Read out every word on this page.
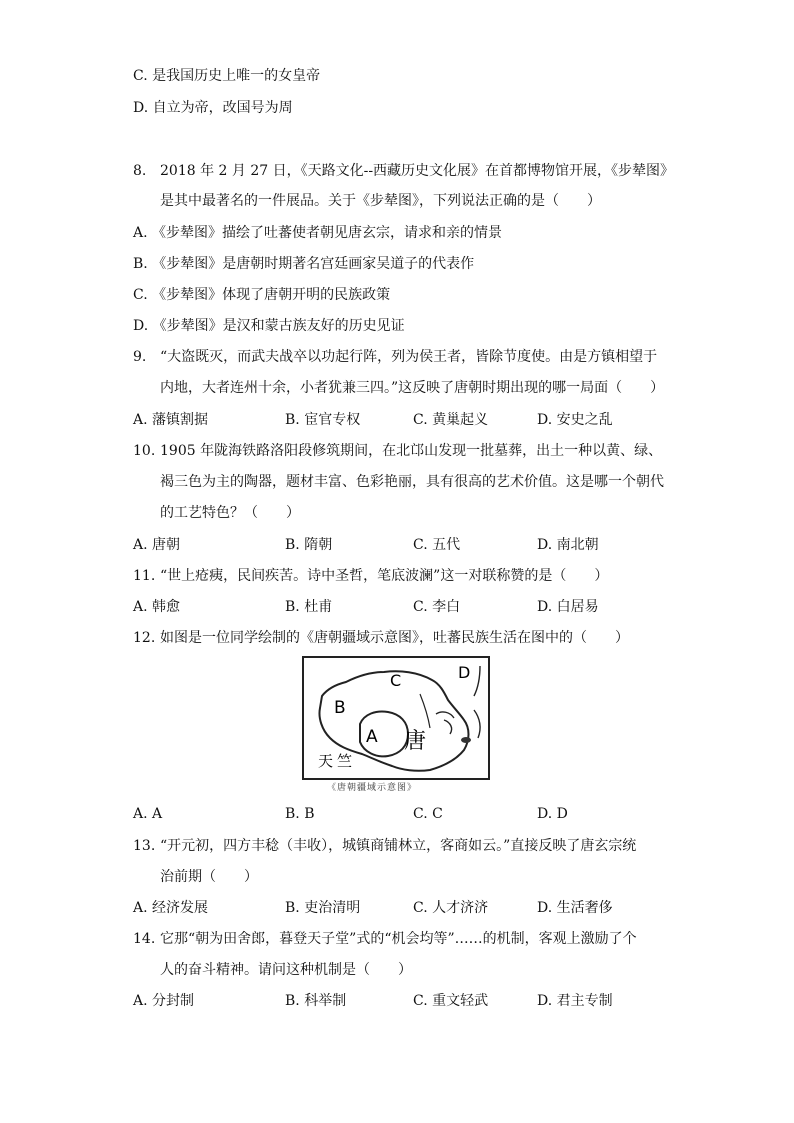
C. 是我国历史上唯一的女皇帝
D. 自立为帝，改国号为周
8. 2018 年 2 月 27 日，《天路文化--西藏历史文化展》在首都博物馆开展，《步辇图》
是其中最著名的一件展品。关于《步辇图》，下列说法正确的是（　　）
A. 《步辇图》描绘了吐蕃使者朝见唐玄宗，请求和亲的情景
B. 《步辇图》是唐朝时期著名宫廷画家吴道子的代表作
C. 《步辇图》体现了唐朝开明的民族政策
D. 《步辇图》是汉和蒙古族友好的历史见证
9. “大盗既灭，而武夫战卒以功起行阵，列为侯王者，皆除节度使。由是方镇相望于
内地，大者连州十余，小者犹兼三四。”这反映了唐朝时期出现的哪一局面（　　）
A. 藩镇割据	B. 宦官专权	C. 黄巢起义	D. 安史之乱
10. 1905 年陇海铁路洛阳段修筑期间，在北邙山发现一批墓葬，出土一种以黄、绿、
褐三色为主的陶器，题材丰富、色彩艳丽，具有很高的艺术价值。这是哪一个朝代
的工艺特色？（　　）
A. 唐朝	B. 隋朝	C. 五代	D. 南北朝
11. “世上疮痍，民间疾苦。诗中圣哲，笔底波澜”这一对联称赞的是（　　）
A. 韩愈	B. 杜甫	C. 李白	D. 白居易
12. 如图是一位同学绘制的《唐朝疆域示意图》，吐蕃民族生活在图中的（　　）
B
C	D
A 唐
天竺
《唐朝疆域示意图》
A. A	B. B	C. C	D. D
13. “开元初，四方丰稔（丰收），城镇商铺林立，客商如云。”直接反映了唐玄宗统
治前期（　　）
A. 经济发展	B. 吏治清明	C. 人才济济	D. 生活奢侈
14. 它那“朝为田舍郎，暮登天子堂”式的“机会均等”……的机制，客观上激励了个
人的奋斗精神。请问这种机制是（　　）
A. 分封制	B. 科举制	C. 重文轻武	D. 君主专制
